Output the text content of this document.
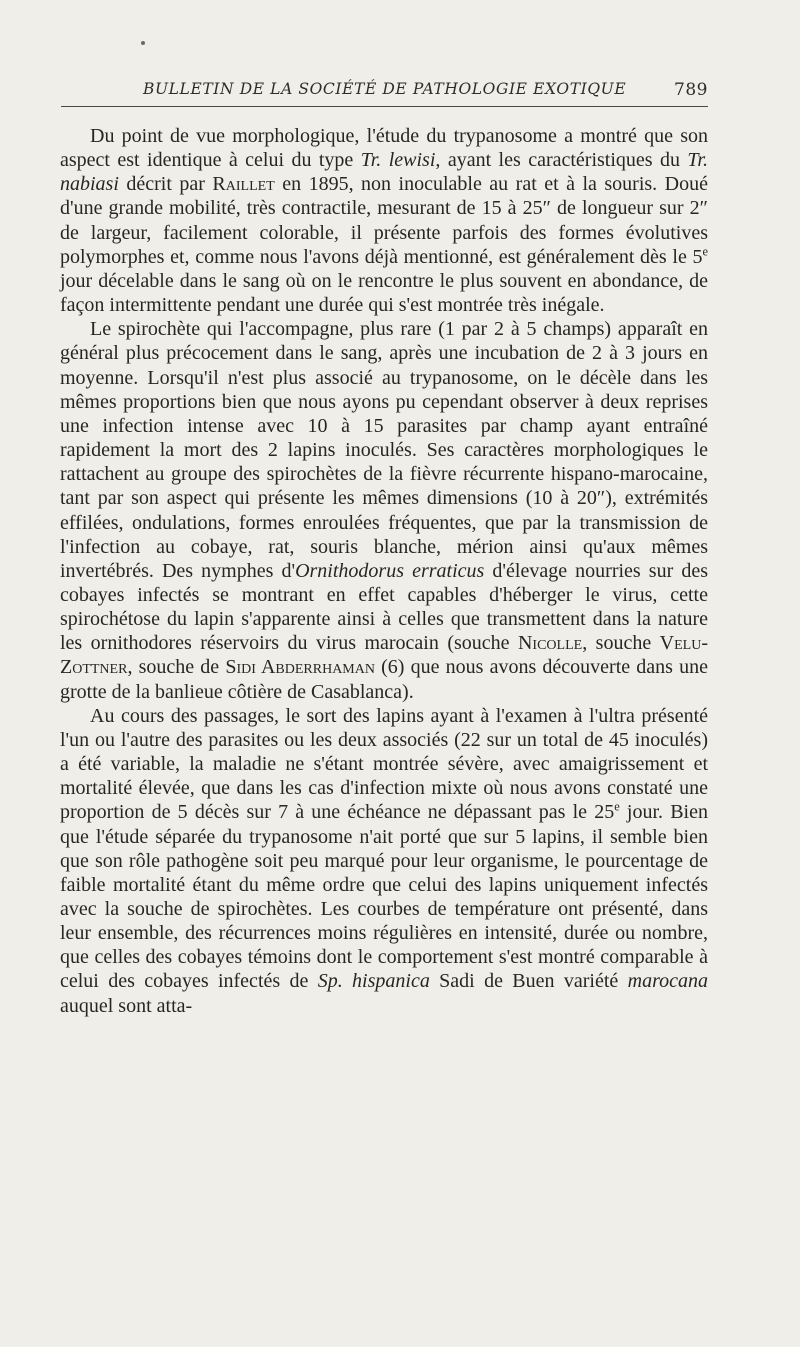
BULLETIN DE LA SOCIÉTÉ DE PATHOLOGIE EXOTIQUE	789

Du point de vue morphologique, l'étude du trypanosome a montré que son aspect est identique à celui du type Tr. lewisi, ayant les caractéristiques du Tr. nabiasi décrit par Raillet en 1895, non inoculable au rat et à la souris. Doué d'une grande mobilité, très contractile, mesurant de 15 à 25″ de longueur sur 2″ de largeur, facilement colorable, il présente parfois des formes évolutives polymorphes et, comme nous l'avons déjà mentionné, est généralement dès le 5e jour décelable dans le sang où on le rencontre le plus souvent en abondance, de façon intermittente pendant une durée qui s'est montrée très inégale.

Le spirochète qui l'accompagne, plus rare (1 par 2 à 5 champs) apparaît en général plus précocement dans le sang, après une incubation de 2 à 3 jours en moyenne. Lorsqu'il n'est plus associé au trypanosome, on le décèle dans les mêmes proportions bien que nous ayons pu cependant observer à deux reprises une infection intense avec 10 à 15 parasites par champ ayant entraîné rapidement la mort des 2 lapins inoculés. Ses caractères morphologiques le rattachent au groupe des spirochètes de la fièvre récurrente hispano-marocaine, tant par son aspect qui présente les mêmes dimensions (10 à 20″), extrémités effilées, ondulations, formes enroulées fréquentes, que par la transmission de l'infection au cobaye, rat, souris blanche, mérion ainsi qu'aux mêmes invertébrés. Des nymphes d'Ornithodorus erraticus d'élevage nourries sur des cobayes infectés se montrant en effet capables d'héberger le virus, cette spirochétose du lapin s'apparente ainsi à celles que transmettent dans la nature les ornithodores réservoirs du virus marocain (souche Nicolle, souche Velu-Zottner, souche de Sidi Abderrhaman (6) que nous avons découverte dans une grotte de la banlieue côtière de Casablanca).

Au cours des passages, le sort des lapins ayant à l'examen à l'ultra présenté l'un ou l'autre des parasites ou les deux associés (22 sur un total de 45 inoculés) a été variable, la maladie ne s'étant montrée sévère, avec amaigrissement et mortalité élevée, que dans les cas d'infection mixte où nous avons constaté une proportion de 5 décès sur 7 à une échéance ne dépassant pas le 25e jour. Bien que l'étude séparée du trypanosome n'ait porté que sur 5 lapins, il semble bien que son rôle pathogène soit peu marqué pour leur organisme, le pourcentage de faible mortalité étant du même ordre que celui des lapins uniquement infectés avec la souche de spirochètes. Les courbes de température ont présenté, dans leur ensemble, des récurrences moins régulières en intensité, durée ou nombre, que celles des cobayes témoins dont le comportement s'est montré comparable à celui des cobayes infectés de Sp. hispanica Sadi de Buen variété marocana auquel sont atta-
